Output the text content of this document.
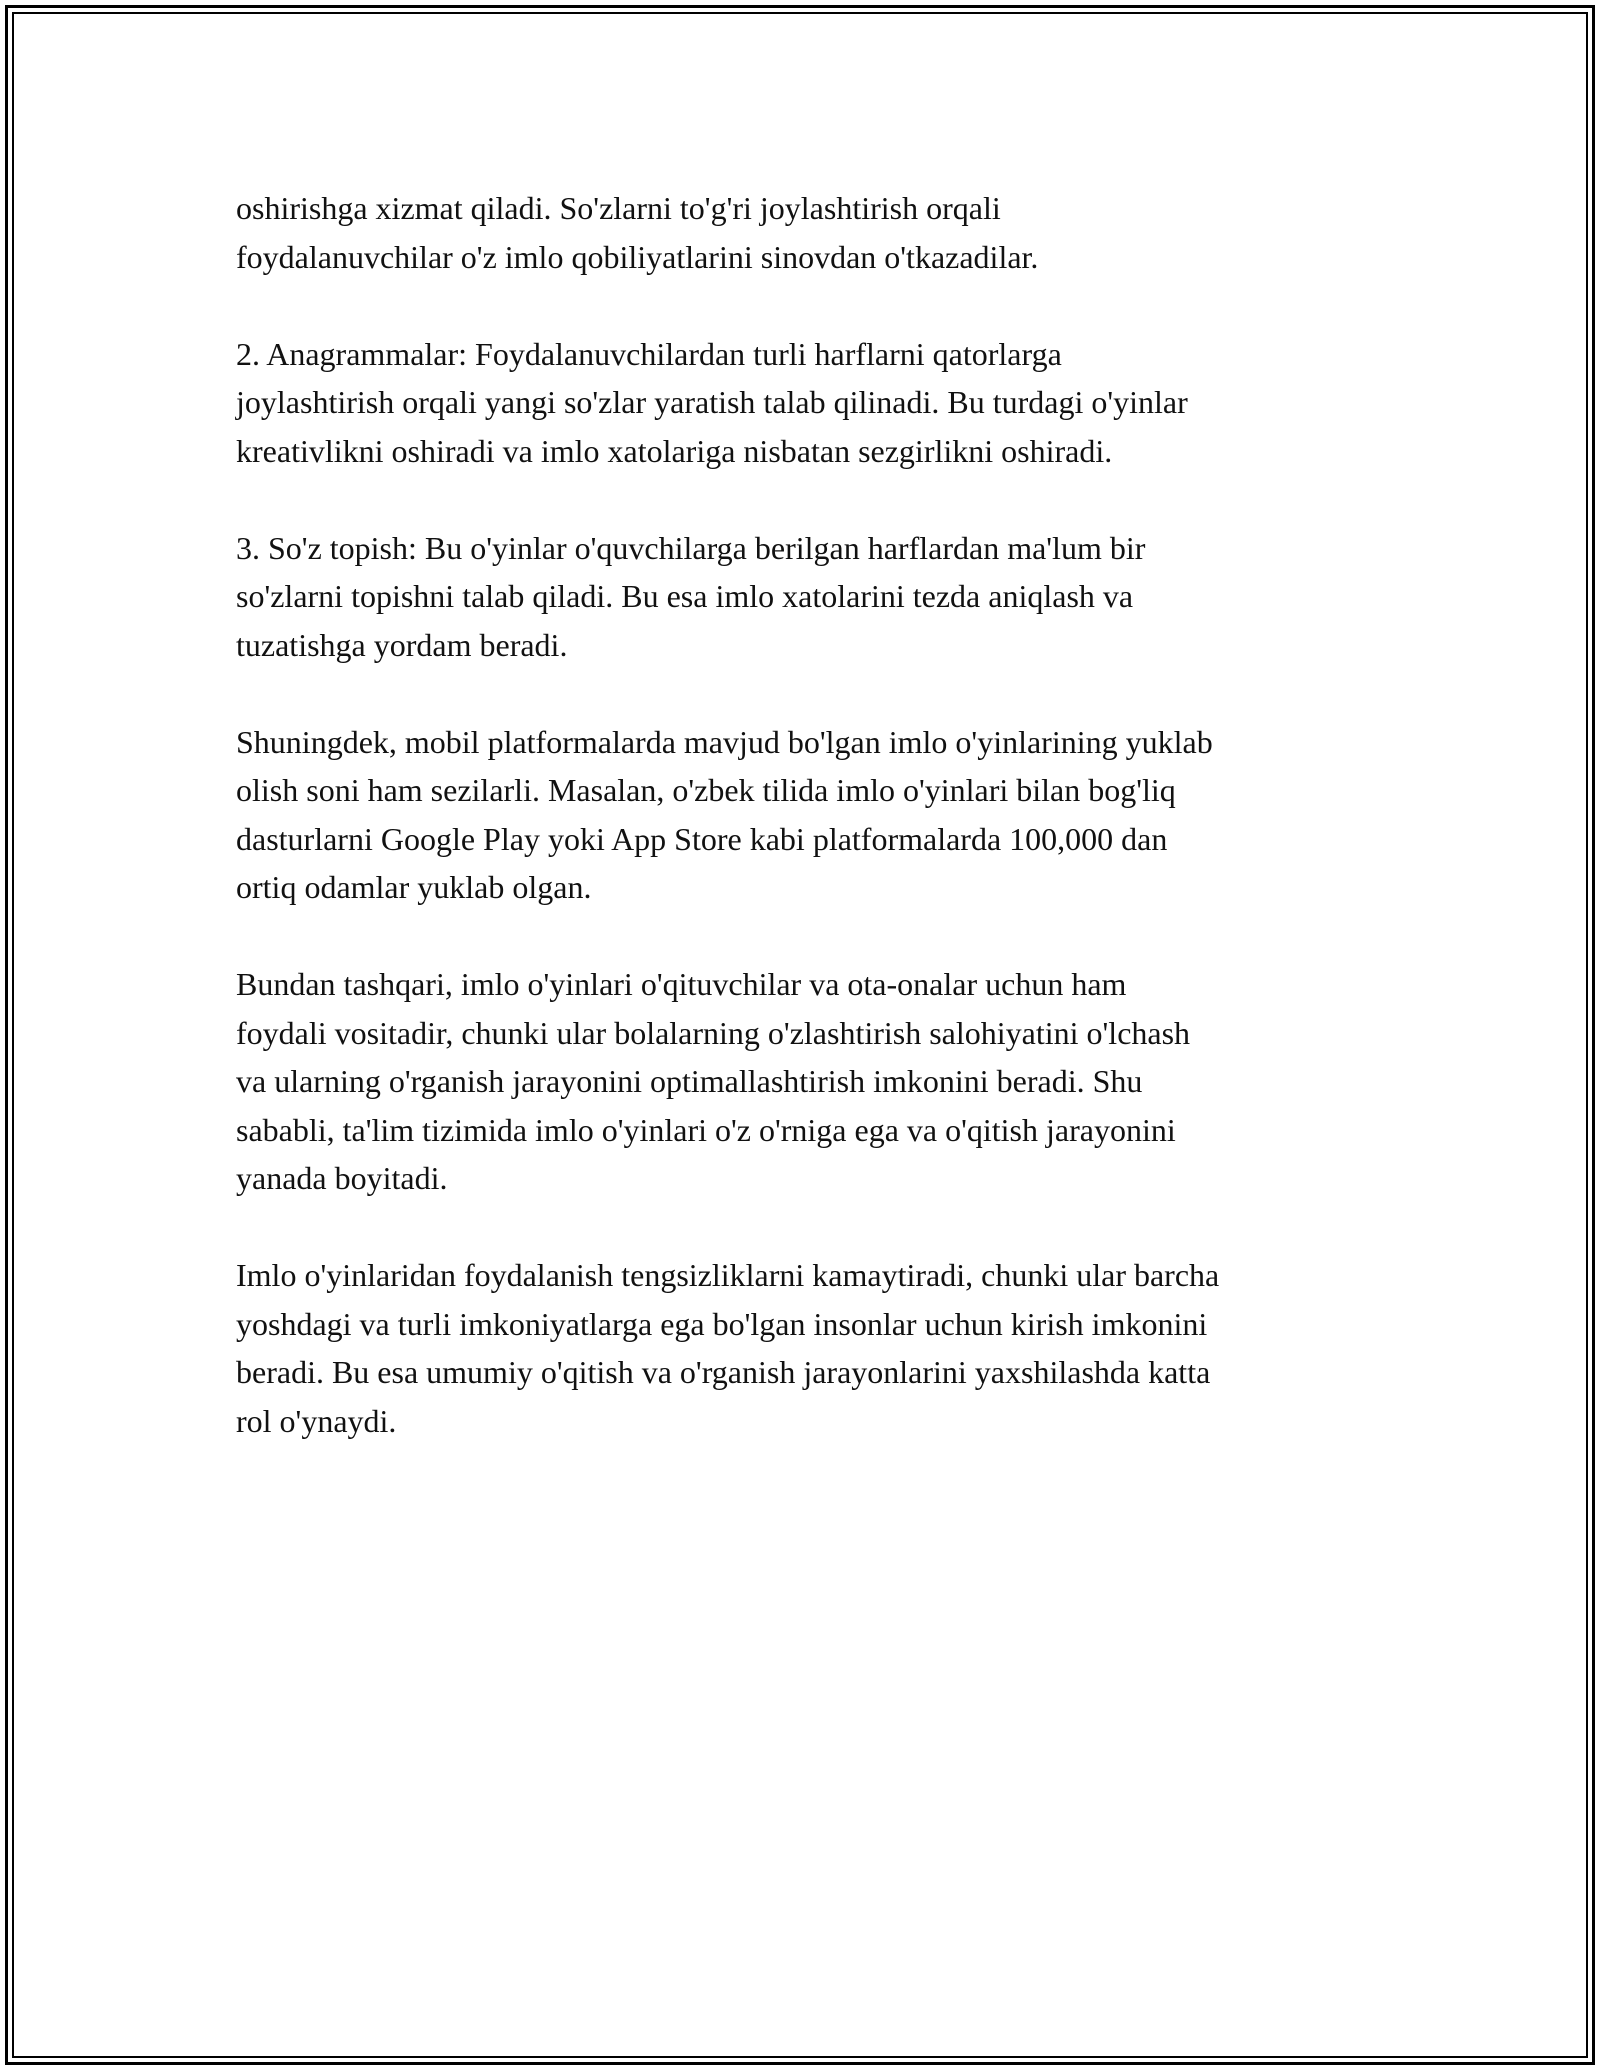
oshirishga xizmat qiladi. So'zlarni to'g'ri joylashtirish orqali
foydalanuvchilar o'z imlo qobiliyatlarini sinovdan o'tkazadilar.

2. Anagrammalar: Foydalanuvchilardan turli harflarni qatorlarga
joylashtirish orqali yangi so'zlar yaratish talab qilinadi. Bu turdagi o'yinlar
kreativlikni oshiradi va imlo xatolariga nisbatan sezgirlikni oshiradi.

3. So'z topish: Bu o'yinlar o'quvchilarga berilgan harflardan ma'lum bir
so'zlarni topishni talab qiladi. Bu esa imlo xatolarini tezda aniqlash va
tuzatishga yordam beradi.

Shuningdek, mobil platformalarda mavjud bo'lgan imlo o'yinlarining yuklab
olish soni ham sezilarli. Masalan, o'zbek tilida imlo o'yinlari bilan bog'liq
dasturlarni Google Play yoki App Store kabi platformalarda 100,000 dan
ortiq odamlar yuklab olgan.

Bundan tashqari, imlo o'yinlari o'qituvchilar va ota-onalar uchun ham
foydali vositadir, chunki ular bolalarning o'zlashtirish salohiyatini o'lchash
va ularning o'rganish jarayonini optimallashtirish imkonini beradi. Shu
sababli, ta'lim tizimida imlo o'yinlari o'z o'rniga ega va o'qitish jarayonini
yanada boyitadi.

Imlo o'yinlaridan foydalanish tengsizliklarni kamaytiradi, chunki ular barcha
yoshdagi va turli imkoniyatlarga ega bo'lgan insonlar uchun kirish imkonini
beradi. Bu esa umumiy o'qitish va o'rganish jarayonlarini yaxshilashda katta
rol o'ynaydi.
